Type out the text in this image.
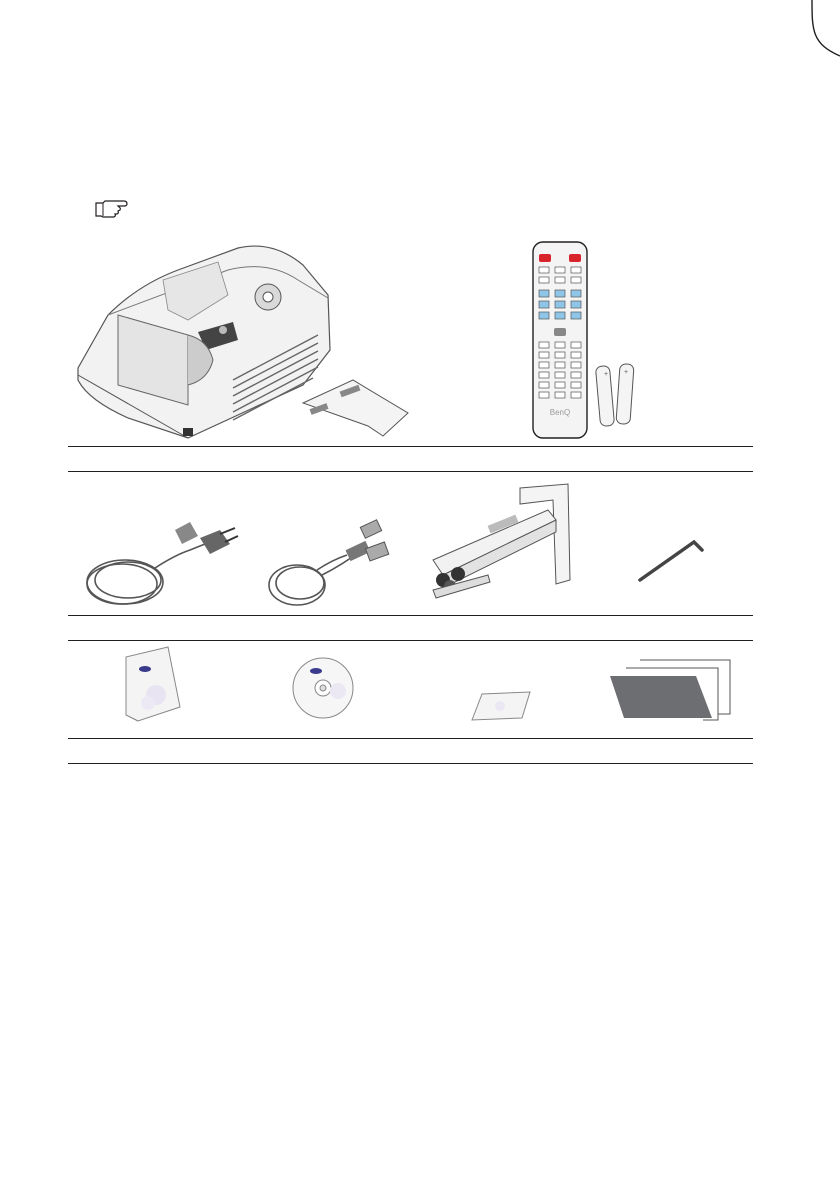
BenQ
+ +
